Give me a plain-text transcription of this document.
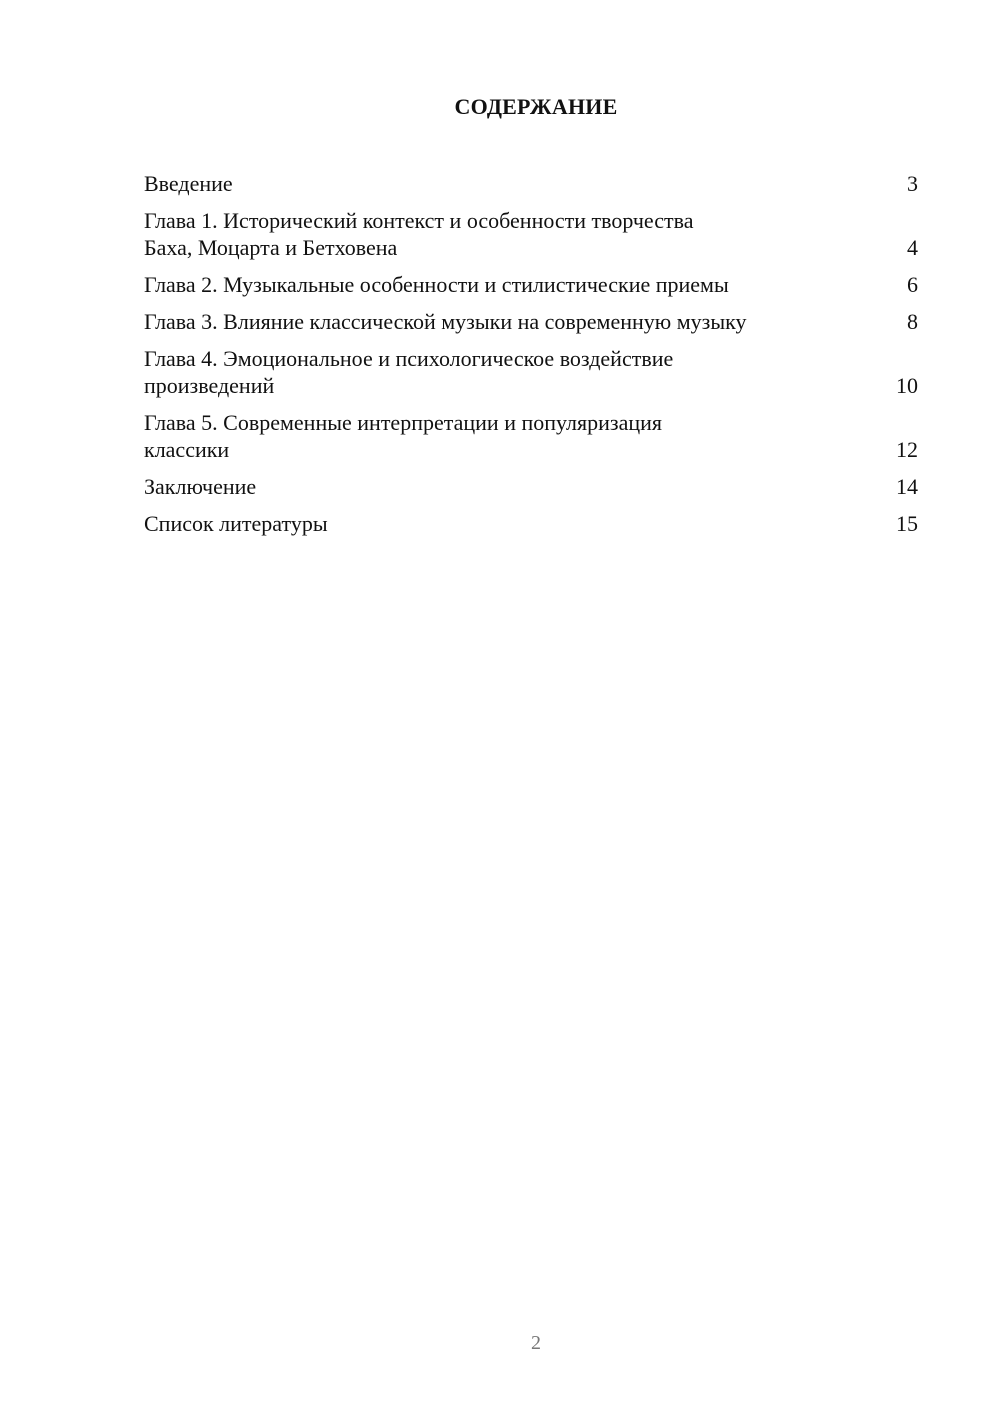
СОДЕРЖАНИЕ
Введение	3
Глава 1. Исторический контекст и особенности творчества
Баха, Моцарта и Бетховена	4
Глава 2. Музыкальные особенности и стилистические приемы	6
Глава 3. Влияние классической музыки на современную музыку	8
Глава 4. Эмоциональное и психологическое воздействие
произведений	10
Глава 5. Современные интерпретации и популяризация
классики	12
Заключение	14
Список литературы	15
2
